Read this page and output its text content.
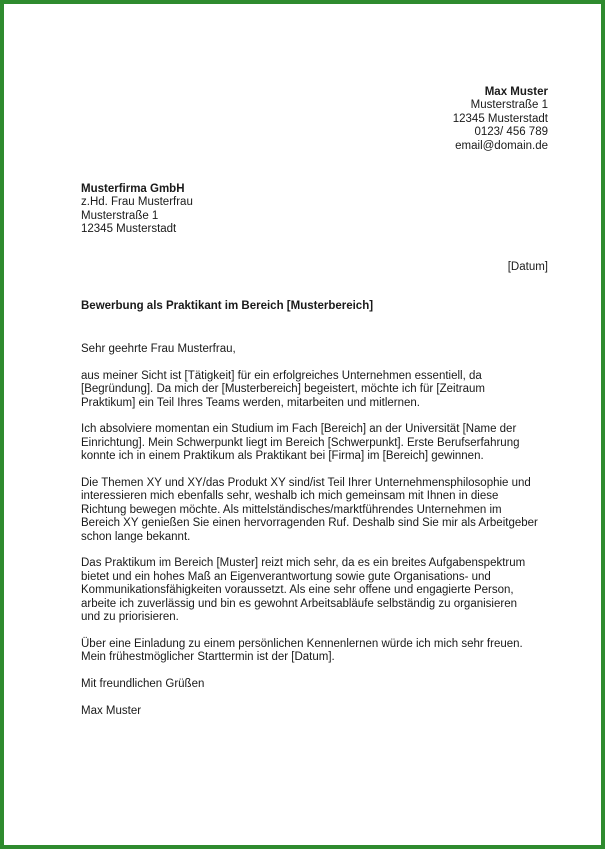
Max Muster
Musterstraße 1
12345 Musterstadt
0123/ 456 789
email@domain.de
Musterfirma GmbH
z.Hd. Frau Musterfrau
Musterstraße 1
12345 Musterstadt
[Datum]
Bewerbung als Praktikant im Bereich [Musterbereich]

Sehr geehrte Frau Musterfrau,

aus meiner Sicht ist [Tätigkeit] für ein erfolgreiches Unternehmen essentiell, da
[Begründung]. Da mich der [Musterbereich] begeistert, möchte ich für [Zeitraum
Praktikum] ein Teil Ihres Teams werden, mitarbeiten und mitlernen.

Ich absolviere momentan ein Studium im Fach [Bereich] an der Universität [Name der
Einrichtung]. Mein Schwerpunkt liegt im Bereich [Schwerpunkt]. Erste Berufserfahrung
konnte ich in einem Praktikum als Praktikant bei [Firma] im [Bereich] gewinnen.

Die Themen XY und XY/das Produkt XY sind/ist Teil Ihrer Unternehmensphilosophie und
interessieren mich ebenfalls sehr, weshalb ich mich gemeinsam mit Ihnen in diese
Richtung bewegen möchte. Als mittelständisches/marktführendes Unternehmen im
Bereich XY genießen Sie einen hervorragenden Ruf. Deshalb sind Sie mir als Arbeitgeber
schon lange bekannt.

Das Praktikum im Bereich [Muster] reizt mich sehr, da es ein breites Aufgabenspektrum
bietet und ein hohes Maß an Eigenverantwortung sowie gute Organisations- und
Kommunikationsfähigkeiten voraussetzt. Als eine sehr offene und engagierte Person,
arbeite ich zuverlässig und bin es gewohnt Arbeitsabläufe selbständig zu organisieren
und zu priorisieren.

Über eine Einladung zu einem persönlichen Kennenlernen würde ich mich sehr freuen.
Mein frühestmöglicher Starttermin ist der [Datum].

Mit freundlichen Grüßen

Max Muster
